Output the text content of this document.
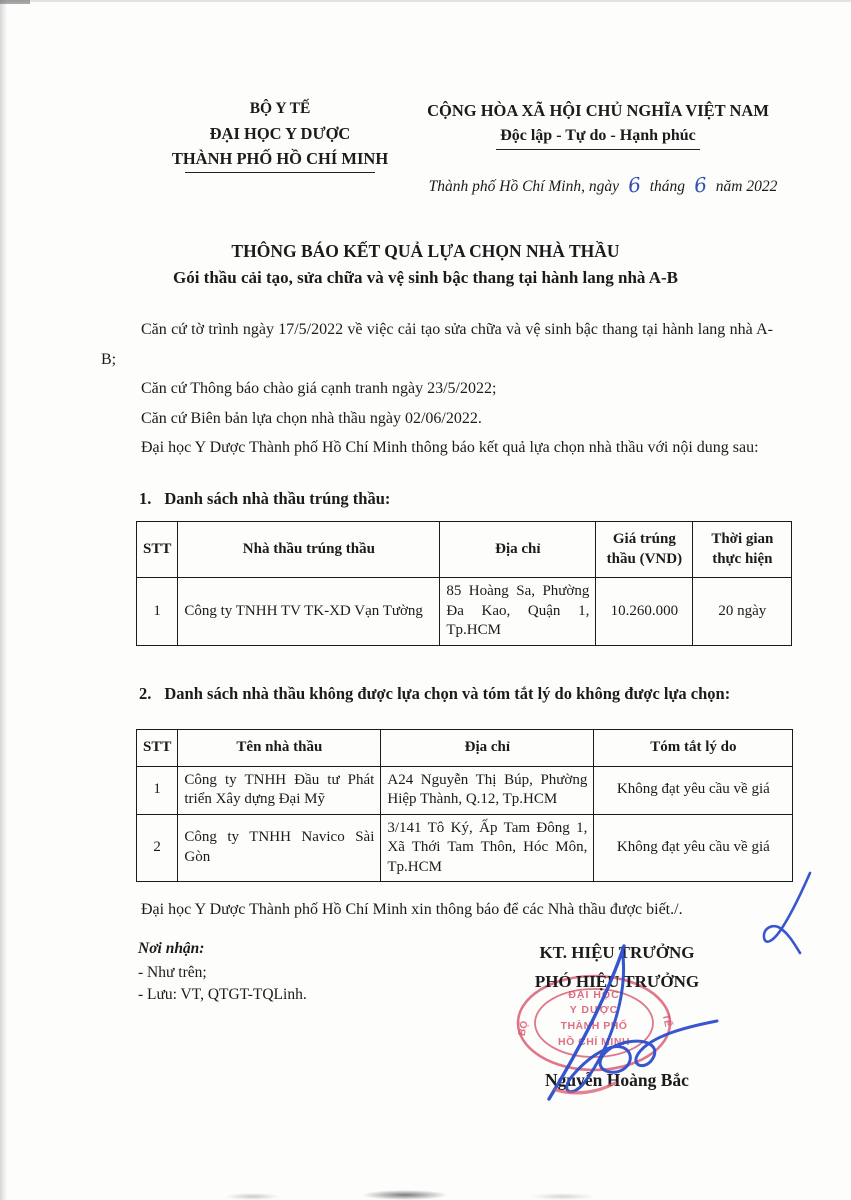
BỘ Y TẾ
ĐẠI HỌC Y DƯỢC
THÀNH PHỐ HỒ CHÍ MINH
CỘNG HÒA XÃ HỘI CHỦ NGHĨA VIỆT NAM
Độc lập - Tự do - Hạnh phúc
Thành phố Hồ Chí Minh, ngày 6 tháng 6 năm 2022
THÔNG BÁO KẾT QUẢ LỰA CHỌN NHÀ THẦU
Gói thầu cải tạo, sửa chữa và vệ sinh bậc thang tại hành lang nhà A-B

Căn cứ tờ trình ngày 17/5/2022 về việc cải tạo sửa chữa và vệ sinh bậc thang tại hành lang nhà A-B;

Căn cứ Thông báo chào giá cạnh tranh ngày 23/5/2022;

Căn cứ Biên bản lựa chọn nhà thầu ngày 02/06/2022.

Đại học Y Dược Thành phố Hồ Chí Minh thông báo kết quả lựa chọn nhà thầu với nội dung sau:

1. Danh sách nhà thầu trúng thầu:
STT	Nhà thầu trúng thầu	Địa chỉ	Giá trúng thầu (VND)	Thời gian thực hiện
1	Công ty TNHH TV TK-XD Vạn Tường	85 Hoàng Sa, Phường Đa Kao, Quận 1, Tp.HCM	10.260.000	20 ngày
2. Danh sách nhà thầu không được lựa chọn và tóm tắt lý do không được lựa chọn:
STT	Tên nhà thầu	Địa chỉ	Tóm tắt lý do
1	Công ty TNHH Đầu tư Phát triển Xây dựng Đại Mỹ	A24 Nguyễn Thị Búp, Phường Hiệp Thành, Q.12, Tp.HCM	Không đạt yêu cầu về giá
2	Công ty TNHH Navico Sài Gòn	3/141 Tô Ký, Ấp Tam Đông 1, Xã Thới Tam Thôn, Hóc Môn, Tp.HCM	Không đạt yêu cầu về giá

Đại học Y Dược Thành phố Hồ Chí Minh xin thông báo để các Nhà thầu được biết./.

Nơi nhận:
- Như trên;
- Lưu: VT, QTGT-TQLinh.
KT. HIỆU TRƯỞNG
PHÓ HIỆU TRƯỞNG
ĐẠI HỌC
Y DƯỢC
THÀNH PHỐ
HỒ CHÍ MINH
BỘ	TẾ
Nguyễn Hoàng Bắc
